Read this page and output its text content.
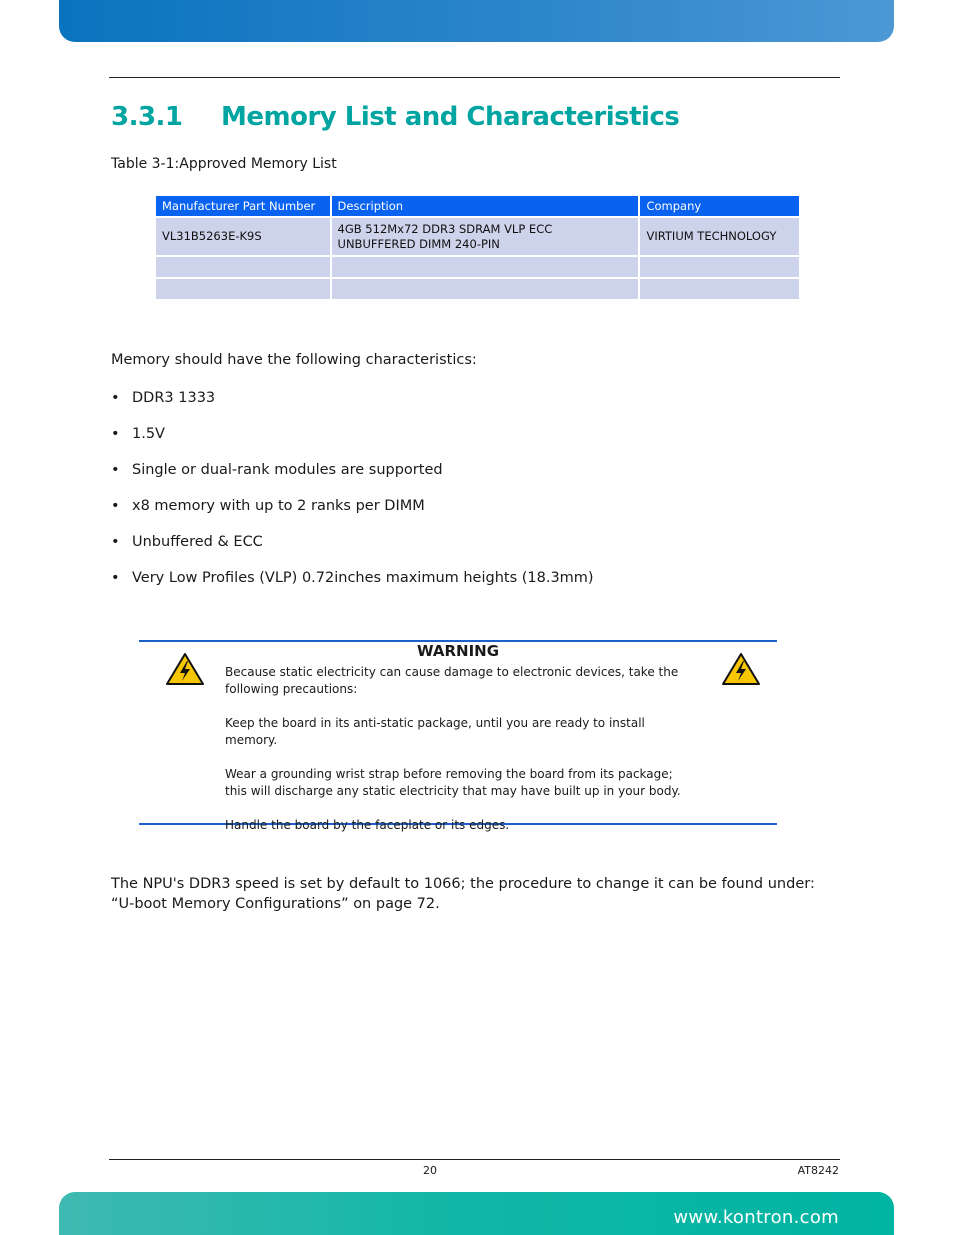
3.3.1 Memory List and Characteristics
Table 3-1:Approved Memory List
Manufacturer Part Number	Description	Company
VL31B5263E-K9S	4GB 512Mx72 DDR3 SDRAM VLP ECC UNBUFFERED DIMM 240-PIN	VIRTIUM TECHNOLOGY

Memory should have the following characteristics:
• DDR3 1333
• 1.5V
• Single or dual-rank modules are supported
• x8 memory with up to 2 ranks per DIMM
• Unbuffered & ECC
• Very Low Profiles (VLP) 0.72inches maximum heights (18.3mm)
WARNING

Because static electricity can cause damage to electronic devices, take the following precautions:

Keep the board in its anti-static package, until you are ready to install memory.

Wear a grounding wrist strap before removing the board from its package; this will discharge any static electricity that may have built up in your body.

Handle the board by the faceplate or its edges.

The NPU's DDR3 speed is set by default to 1066; the procedure to change it can be found under: “U-boot Memory Configurations” on page 72.
20	AT8242
www.kontron.com
